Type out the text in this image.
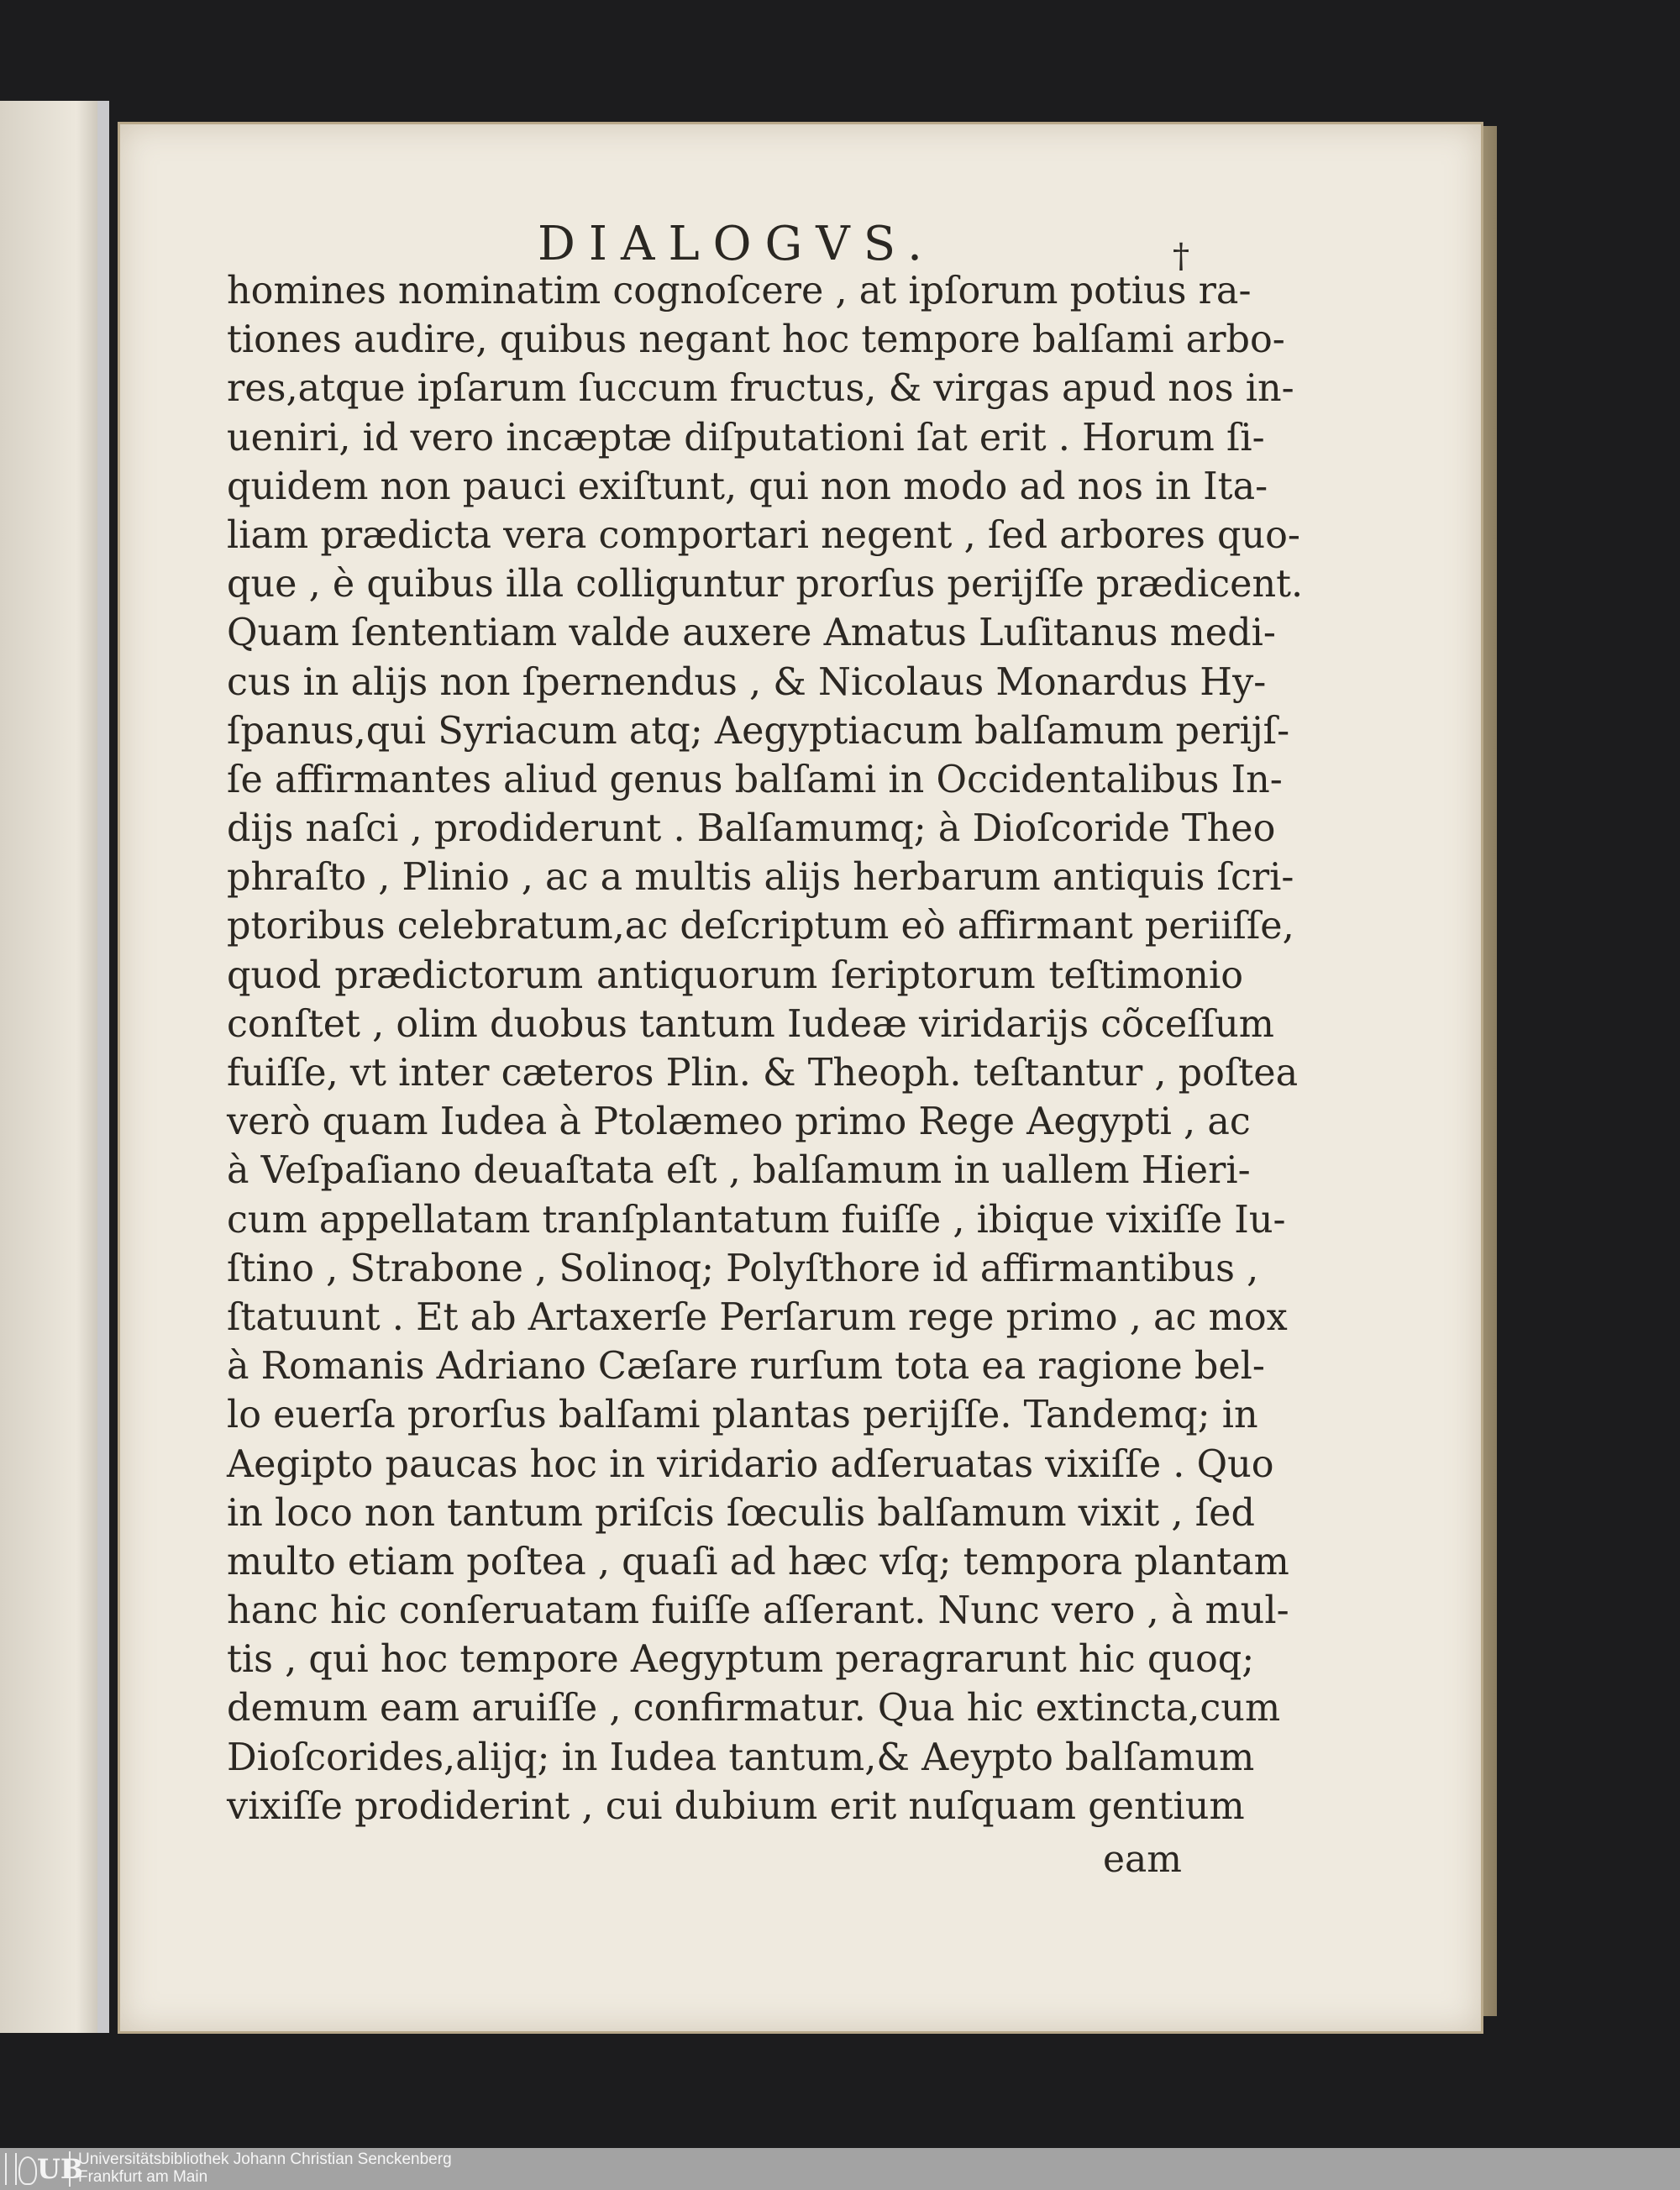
DIALOGVS.	†
homines nominatim cognoſcere , at ipſorum potius ra-
tiones audire, quibus negant hoc tempore balſami arbo-
res,atque ipſarum ſuccum fructus, & virgas apud nos in-
ueniri, id vero incæptæ diſputationi ſat erit . Horum ſi-
quidem non pauci exiſtunt, qui non modo ad nos in Ita-
liam prædicta vera comportari negent , ſed arbores quo-
que , è quibus illa colliguntur prorſus periјſſe prædicent.
Quam ſententiam valde auxere Amatus Luſitanus medi-
cus in alijs non ſpernendus , & Nicolaus Monardus Hy-
ſpanus,qui Syriacum atq; Aegyptiacum balſamum periјſ-
ſe affirmantes aliud genus balſami in Occidentalibus In-
dijs naſci , prodiderunt . Balſamumq; à Dioſcoride Theo
phraſto , Plinio , ac a multis alijs herbarum antiquis ſcri-
ptoribus celebratum,ac deſcriptum eò affirmant periiſſe,
quod prædictorum antiquorum ſeriptorum teſtimonio
conſtet , olim duobus tantum Iudeæ viridarijs cõceſſum
fuiſſe, vt inter cæteros Plin. & Theoph. teſtantur , poſtea
verò quam Iudea à Ptolæmeo primo Rege Aegypti , ac
à Veſpaſiano deuaſtata eſt , balſamum in uallem Hieri-
cum appellatam tranſplantatum fuiſſe , ibique vixiſſe Iu-
ſtino , Strabone , Solinoq; Polyſthore id affirmantibus ,
ſtatuunt . Et ab Artaxerſe Perſarum rege primo , ac mox
à Romanis Adriano Cæſare rurſum tota ea ragione bel-
lo euerſa prorſus balſami plantas periјſſe. Tandemq; in
Aegipto paucas hoc in viridario adſeruatas vixiſſe . Quo
in loco non tantum priſcis ſœculis balſamum vixit , ſed
multo etiam poſtea , quaſi ad hæc vſq; tempora plantam
hanc hic conſeruatam fuiſſe aſſerant. Nunc vero , à mul-
tis , qui hoc tempore Aegyptum peragrarunt hic quoq;
demum eam aruiſſe , confirmatur. Qua hic extincta,cum
Dioſcorides,alijq; in Iudea tantum,& Aeypto balſamum
vixiſſe prodiderint , cui dubium erit nuſquam gentium
eam
UB
Universitätsbibliothek Johann Christian Senckenberg
Frankfurt am Main
